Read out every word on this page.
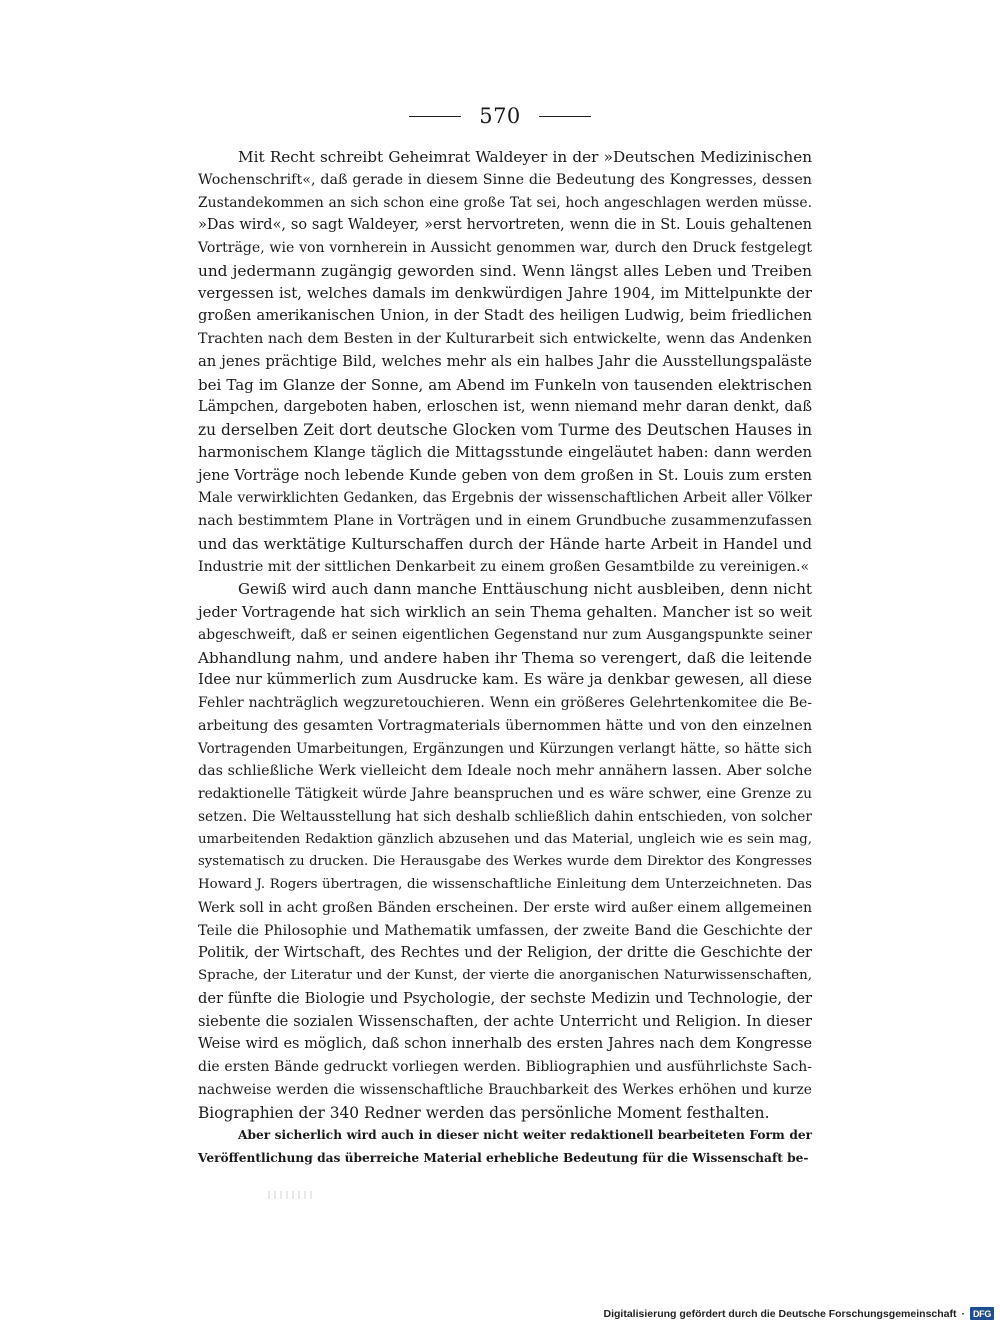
570

Mit Recht schreibt Geheimrat Waldeyer in der »Deutschen Medizinischen
Wochenschrift«, daß gerade in diesem Sinne die Bedeutung des Kongresses, dessen
Zustandekommen an sich schon eine große Tat sei, hoch angeschlagen werden müsse.
»Das wird«, so sagt Waldeyer, »erst hervortreten, wenn die in St. Louis gehaltenen
Vorträge, wie von vornherein in Aussicht genommen war, durch den Druck festgelegt
und jedermann zugängig geworden sind. Wenn längst alles Leben und Treiben
vergessen ist, welches damals im denkwürdigen Jahre 1904, im Mittelpunkte der
großen amerikanischen Union, in der Stadt des heiligen Ludwig, beim friedlichen
Trachten nach dem Besten in der Kulturarbeit sich entwickelte, wenn das Andenken
an jenes prächtige Bild, welches mehr als ein halbes Jahr die Ausstellungspaläste
bei Tag im Glanze der Sonne, am Abend im Funkeln von tausenden elektrischen
Lämpchen, dargeboten haben, erloschen ist, wenn niemand mehr daran denkt, daß
zu derselben Zeit dort deutsche Glocken vom Turme des Deutschen Hauses in
harmonischem Klange täglich die Mittagsstunde eingeläutet haben: dann werden
jene Vorträge noch lebende Kunde geben von dem großen in St. Louis zum ersten
Male verwirklichten Gedanken, das Ergebnis der wissenschaftlichen Arbeit aller Völker
nach bestimmtem Plane in Vorträgen und in einem Grundbuche zusammenzufassen
und das werktätige Kulturschaffen durch der Hände harte Arbeit in Handel und
Industrie mit der sittlichen Denkarbeit zu einem großen Gesamtbilde zu vereinigen.«

Gewiß wird auch dann manche Enttäuschung nicht ausbleiben, denn nicht
jeder Vortragende hat sich wirklich an sein Thema gehalten. Mancher ist so weit
abgeschweift, daß er seinen eigentlichen Gegenstand nur zum Ausgangspunkte seiner
Abhandlung nahm, und andere haben ihr Thema so verengert, daß die leitende
Idee nur kümmerlich zum Ausdrucke kam. Es wäre ja denkbar gewesen, all diese
Fehler nachträglich wegzuretouchieren. Wenn ein größeres Gelehrtenkomitee die Be-
arbeitung des gesamten Vortragmaterials übernommen hätte und von den einzelnen
Vortragenden Umarbeitungen, Ergänzungen und Kürzungen verlangt hätte, so hätte sich
das schließliche Werk vielleicht dem Ideale noch mehr annähern lassen. Aber solche
redaktionelle Tätigkeit würde Jahre beanspruchen und es wäre schwer, eine Grenze zu
setzen. Die Weltausstellung hat sich deshalb schließlich dahin entschieden, von solcher
umarbeitenden Redaktion gänzlich abzusehen und das Material, ungleich wie es sein mag,
systematisch zu drucken. Die Herausgabe des Werkes wurde dem Direktor des Kongresses
Howard J. Rogers übertragen, die wissenschaftliche Einleitung dem Unterzeichneten. Das
Werk soll in acht großen Bänden erscheinen. Der erste wird außer einem allgemeinen
Teile die Philosophie und Mathematik umfassen, der zweite Band die Geschichte der
Politik, der Wirtschaft, des Rechtes und der Religion, der dritte die Geschichte der
Sprache, der Literatur und der Kunst, der vierte die anorganischen Naturwissenschaften,
der fünfte die Biologie und Psychologie, der sechste Medizin und Technologie, der
siebente die sozialen Wissenschaften, der achte Unterricht und Religion. In dieser
Weise wird es möglich, daß schon innerhalb des ersten Jahres nach dem Kongresse
die ersten Bände gedruckt vorliegen werden. Bibliographien und ausführlichste Sach-
nachweise werden die wissenschaftliche Brauchbarkeit des Werkes erhöhen und kurze
Biographien der 340 Redner werden das persönliche Moment festhalten.

Aber sicherlich wird auch in dieser nicht weiter redaktionell bearbeiteten Form der
Veröffentlichung das überreiche Material erhebliche Bedeutung für die Wissenschaft be-

Digitalisierung gefördert durch die Deutsche Forschungsgemeinschaft · DFG
